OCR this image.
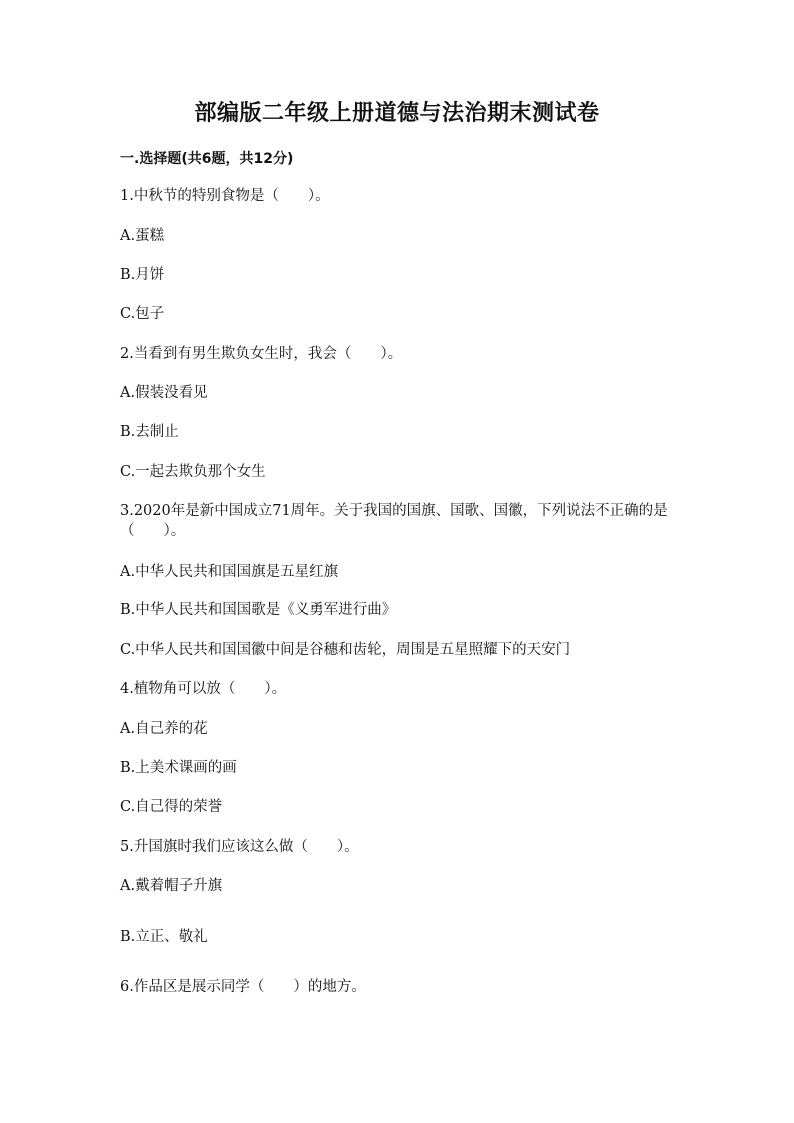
部编版二年级上册道德与法治期末测试卷
一.选择题(共6题，共12分)
1.中秋节的特别食物是（　　）。
A.蛋糕
B.月饼
C.包子
2.当看到有男生欺负女生时，我会（　　）。
A.假装没看见
B.去制止
C.一起去欺负那个女生
3.2020年是新中国成立71周年。关于我国的国旗、国歌、国徽，下列说法不正确的是（　　）。
A.中华人民共和国国旗是五星红旗
B.中华人民共和国国歌是《义勇军进行曲》
C.中华人民共和国国徽中间是谷穗和齿轮，周围是五星照耀下的天安门
4.植物角可以放（　　）。
A.自己养的花
B.上美术课画的画
C.自己得的荣誉
5.升国旗时我们应该这么做（　　）。
A.戴着帽子升旗
B.立正、敬礼
6.作品区是展示同学（　　）的地方。
